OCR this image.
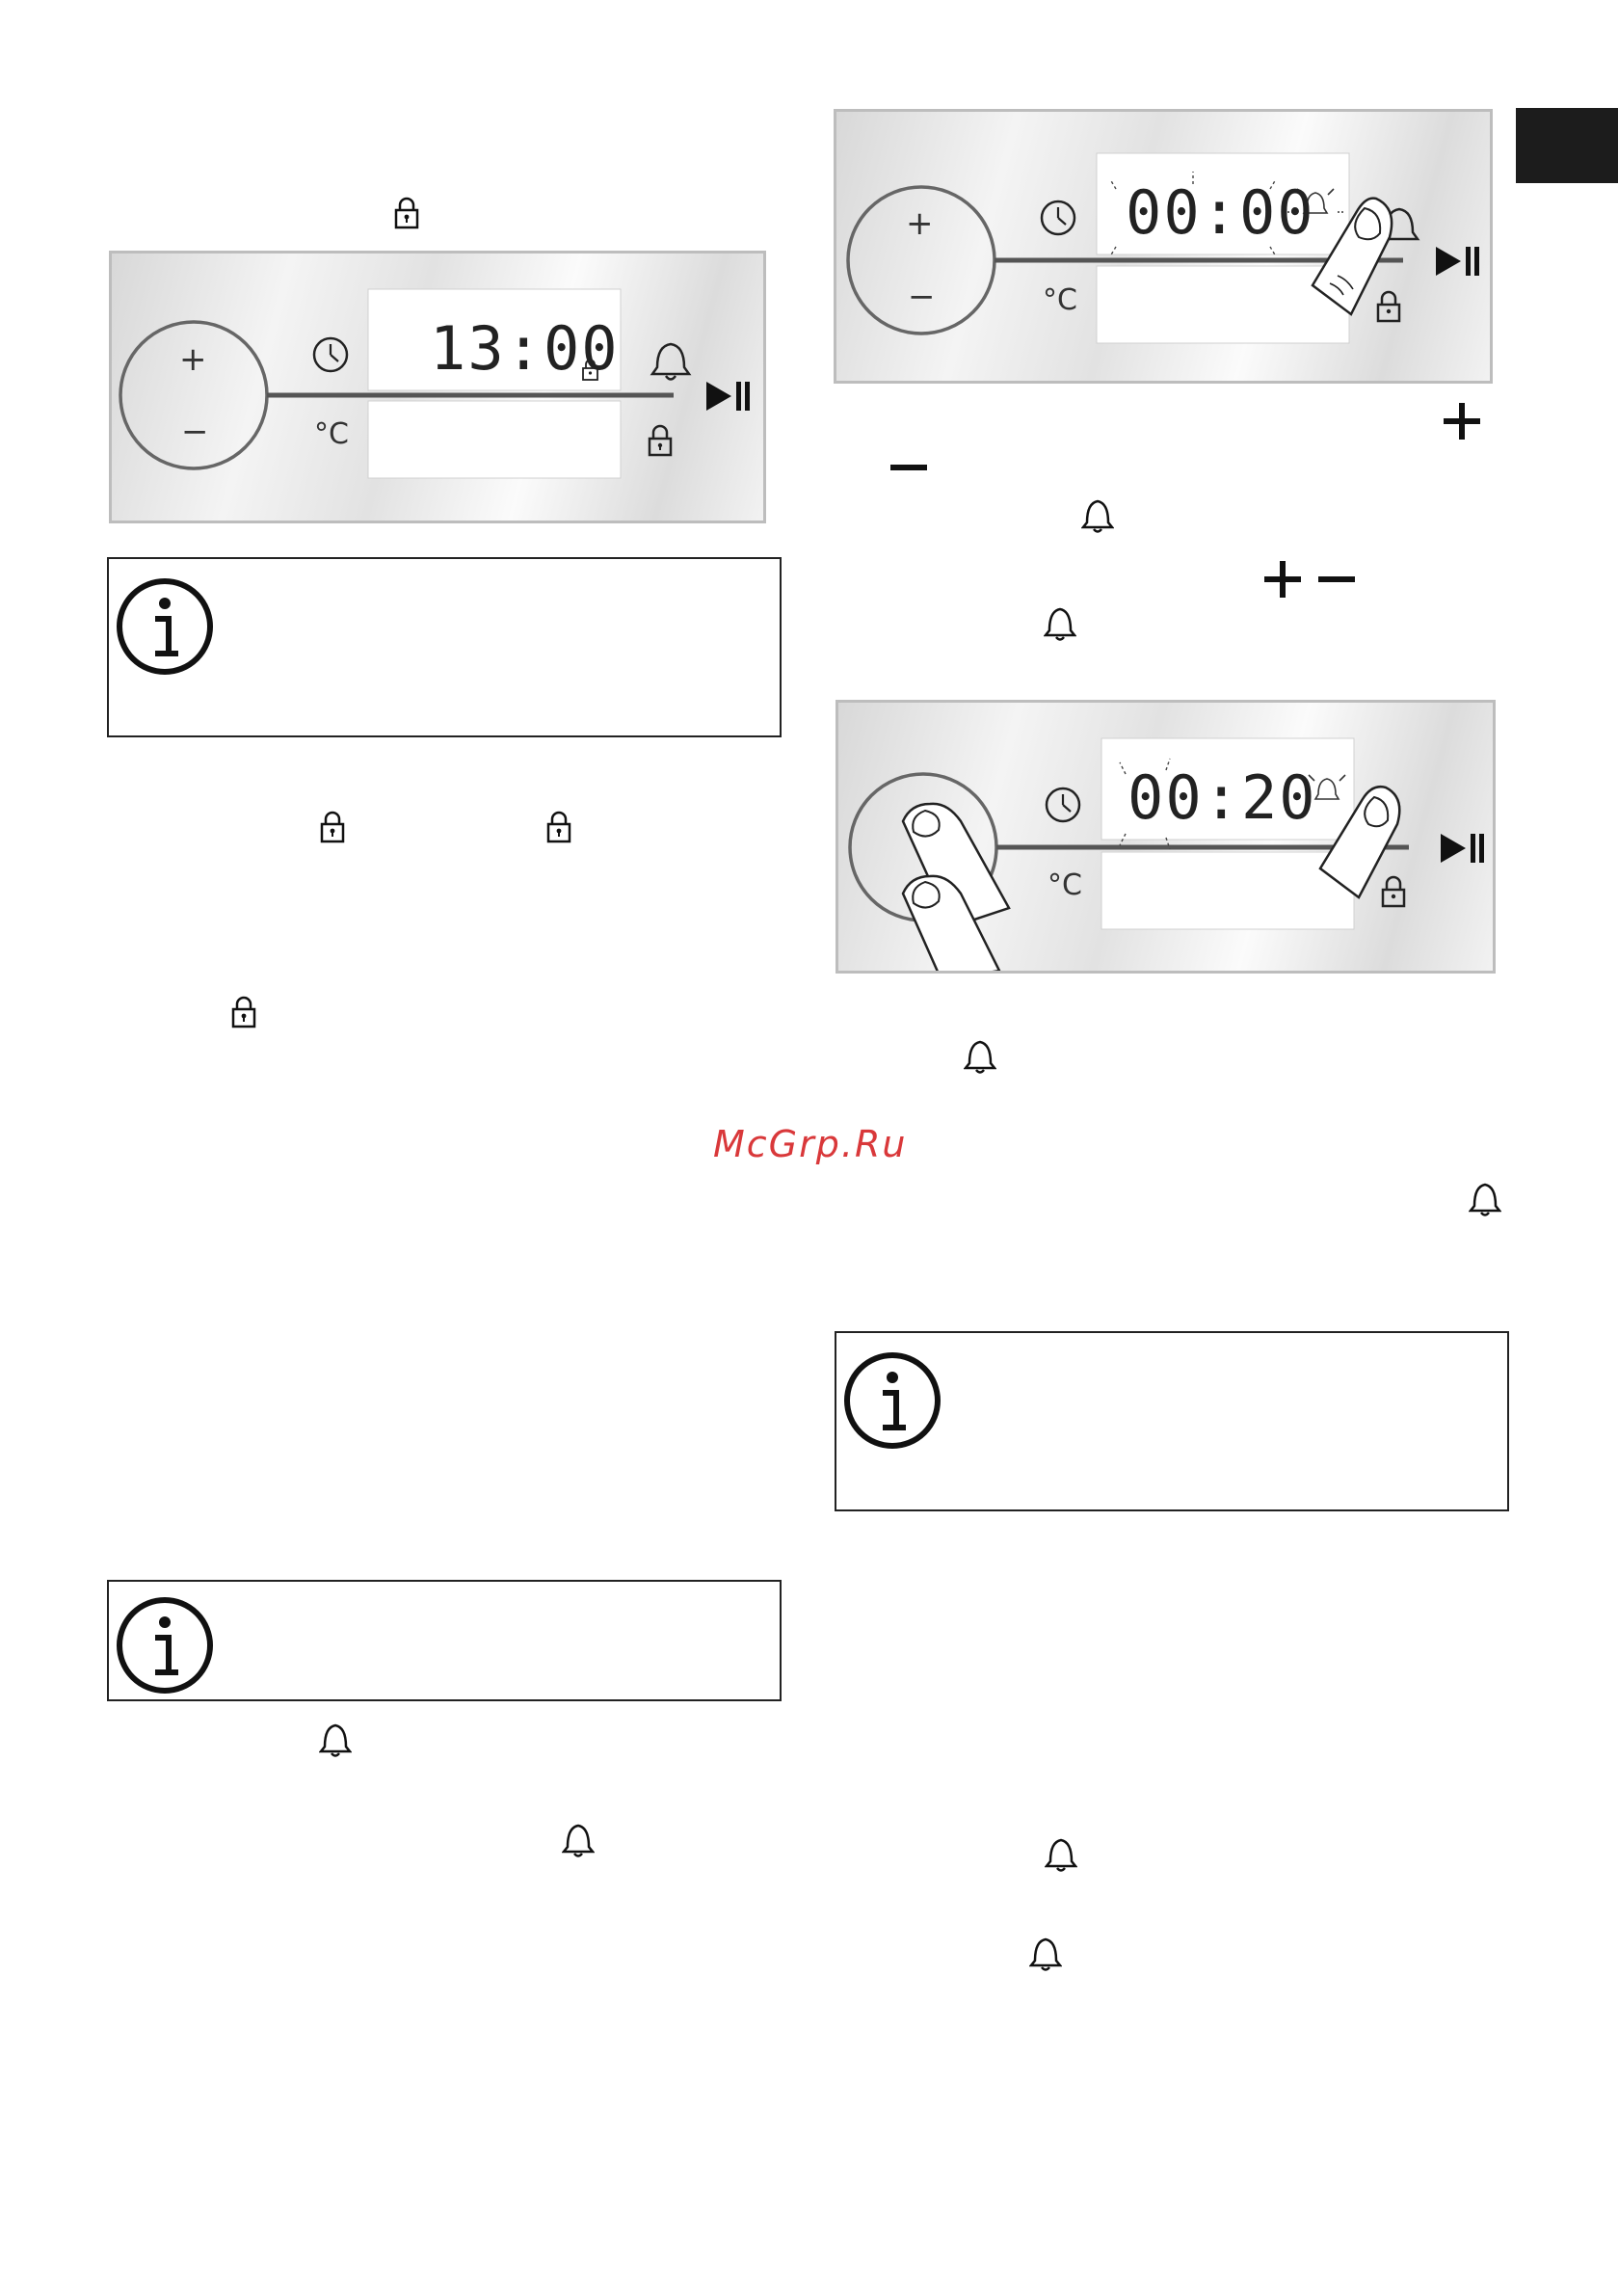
+
−	°C
13:00
+
−	°C
00:00
°C
00:20
McGrp.Ru
